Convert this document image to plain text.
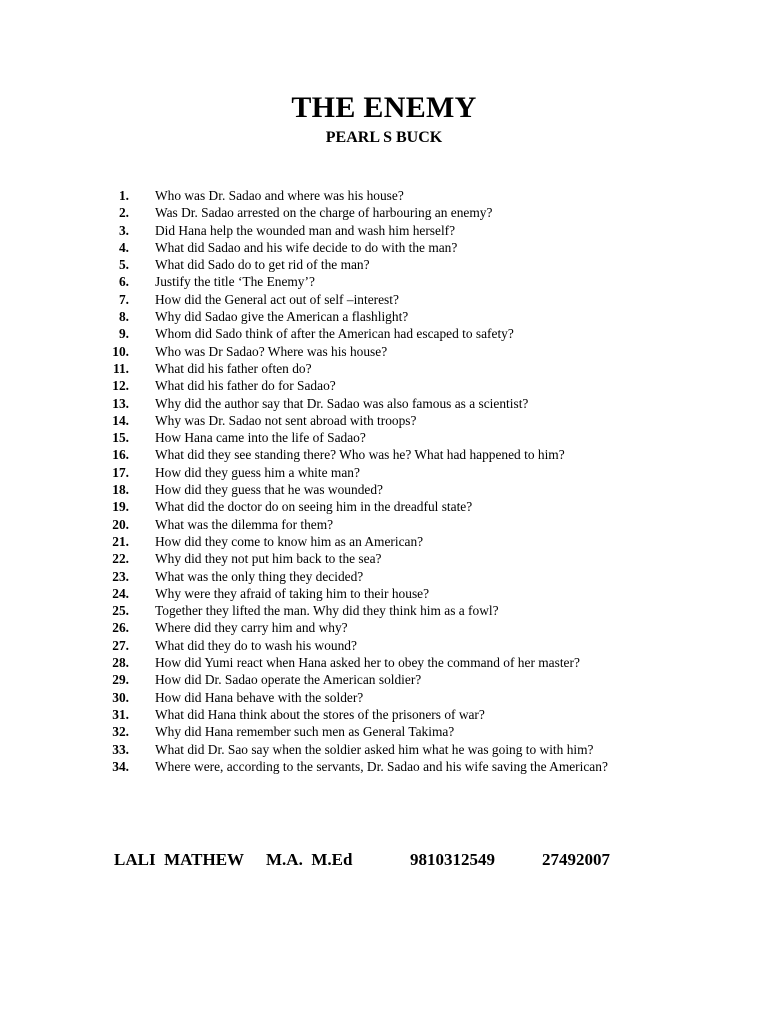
THE ENEMY
PEARL S BUCK
1.	Who was Dr. Sadao and where was his house?
2.	Was Dr. Sadao arrested on the charge of harbouring an enemy?
3.	Did Hana help the wounded man and wash him herself?
4.	What did Sadao and his wife decide to do with the man?
5.	What did Sado do to get rid of the man?
6.	Justify the title ‘The Enemy’?
7.	How did the General act out of self –interest?
8.	Why did Sadao give the American a flashlight?
9.	Whom did Sado think of after the American had escaped to safety?
10.	Who was Dr Sadao? Where was his house?
11.	What did his father often do?
12.	What did his father do for Sadao?
13.	Why did the author say that Dr. Sadao was also famous as a scientist?
14.	Why was Dr. Sadao not sent abroad with troops?
15.	How Hana came into the life of Sadao?
16.	What did they see standing there? Who was he? What had happened to him?
17.	How did they guess him a white man?
18.	How did they guess that he was wounded?
19.	What did the doctor do on seeing him in the dreadful state?
20.	What was the dilemma for them?
21.	How did they come to know him as an American?
22.	Why did they not put him back to the sea?
23.	What was the only thing they decided?
24.	Why were they afraid of taking him to their house?
25.	Together they lifted the man. Why did they think him as a fowl?
26.	Where did they carry him and why?
27.	What did they do to wash his wound?
28.	How did Yumi react when Hana asked her to obey the command of her master?
29.	How did Dr. Sadao operate the American soldier?
30.	How did Hana behave with the solder?
31.	What did Hana think about the stores of the prisoners of war?
32.	Why did Hana remember such men as General Takima?
33.	What did Dr. Sao say when the soldier asked him what he was going to with him?
34.	Where were, according to the servants, Dr. Sadao and his wife saving the American?
LALI  MATHEW M.A.  M.Ed	9810312549	27492007
